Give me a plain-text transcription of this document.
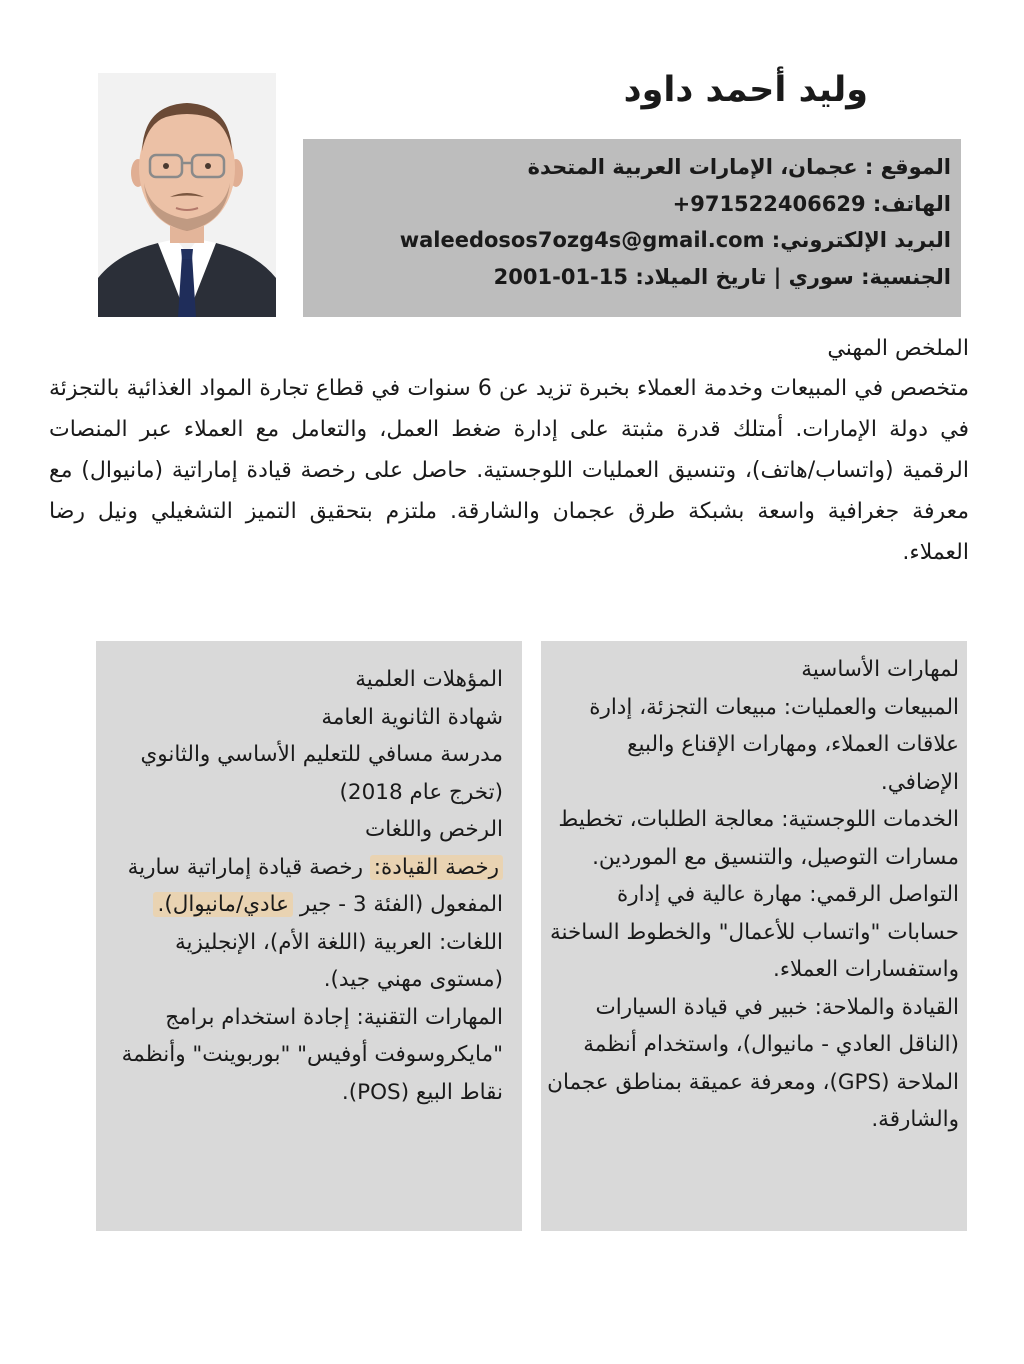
وليد أحمد داود
الموقع : عجمان، الإمارات العربية المتحدة
الهاتف: +971522406629
البريد الإلكتروني: waleedosos7ozg4s@gmail.com
الجنسية: سوري | تاريخ الميلاد: 2001-01-15
الملخص المهني

متخصص في المبيعات وخدمة العملاء بخبرة تزيد عن 6 سنوات في قطاع تجارة المواد الغذائية بالتجزئة في دولة الإمارات. أمتلك قدرة مثبتة على إدارة ضغط العمل، والتعامل مع العملاء عبر المنصات الرقمية (واتساب/هاتف)، وتنسيق العمليات اللوجستية. حاصل على رخصة قيادة إماراتية (مانيوال) مع معرفة جغرافية واسعة بشبكة طرق عجمان والشارقة. ملتزم بتحقيق التميز التشغيلي ونيل رضا العملاء.

لمهارات الأساسية

المبيعات والعمليات: مبيعات التجزئة، إدارة علاقات العملاء، ومهارات الإقناع والبيع الإضافي.

الخدمات اللوجستية: معالجة الطلبات، تخطيط مسارات التوصيل، والتنسيق مع الموردين.

التواصل الرقمي: مهارة عالية في إدارة حسابات "واتساب للأعمال" والخطوط الساخنة واستفسارات العملاء.

القيادة والملاحة: خبير في قيادة السيارات (الناقل العادي - مانيوال)، واستخدام أنظمة الملاحة (GPS)، ومعرفة عميقة بمناطق عجمان والشارقة.

المؤهلات العلمية

شهادة الثانوية العامة

مدرسة مسافي للتعليم الأساسي والثانوي (تخرج عام 2018)

الرخص واللغات

رخصة القيادة: رخصة قيادة إماراتية سارية المفعول (الفئة 3 - جير عادي/مانيوال).

اللغات: العربية (اللغة الأم)، الإنجليزية (مستوى مهني جيد).

المهارات التقنية: إجادة استخدام برامج "مايكروسوفت أوفيس" "بوربوينت" وأنظمة نقاط البيع (POS).
